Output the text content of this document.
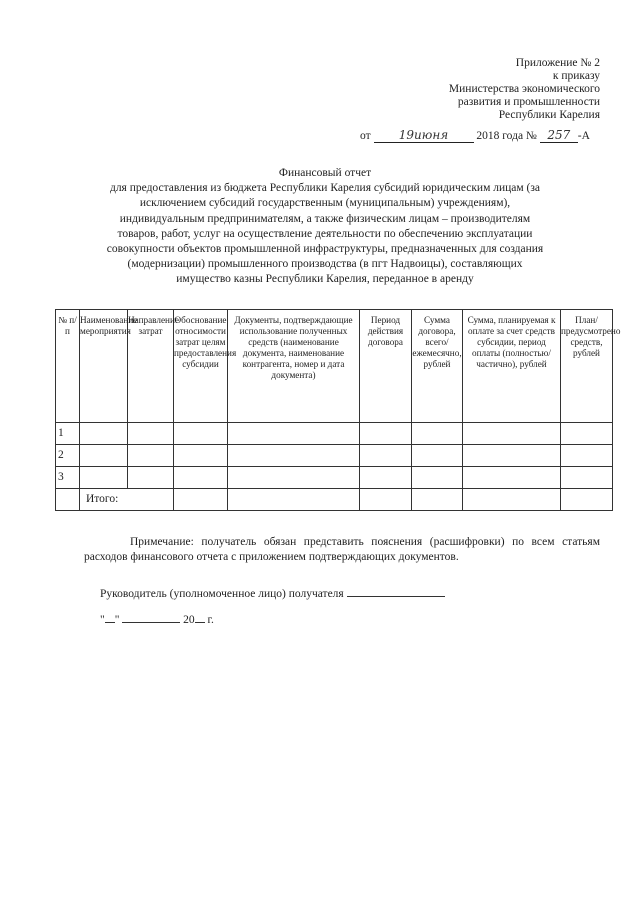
Приложение № 2
к приказу
Министерства экономического
развития и промышленности
Республики Карелия
от 19июня 2018 года № 257 -А
Финансовый отчет
для предоставления из бюджета Республики Карелия субсидий юридическим лицам (за
исключением субсидий государственным (муниципальным) учреждениям),
индивидуальным предпринимателям, а также физическим лицам – производителям
товаров, работ, услуг на осуществление деятельности по обеспечению эксплуатации
совокупности объектов промышленной инфраструктуры, предназначенных для создания
(модернизации) промышленного производства (в пгт Надвоицы), составляющих
имущество казны Республики Карелия, переданное в аренду
№ п/п	Наименование мероприятия	Направление затрат	Обоснование относимости затрат целям предоставления субсидии	Документы, подтверждающие использование полученных средств (наименование документа, наименование контрагента, номер и дата документа)	Период действия договора	Сумма договора, всего/ежемесячно, рублей	Сумма, планируемая к оплате за счет средств субсидии, период оплаты (полностью/частично), рублей	План/ предусмотрено средств, рублей
1								
2								
3								
	Итого:							
Примечание: получатель обязан представить пояснения (расшифровки) по всем статьям расходов финансового отчета с приложением подтверждающих документов.
Руководитель (уполномоченное лицо) получателя
" "	20 г.
